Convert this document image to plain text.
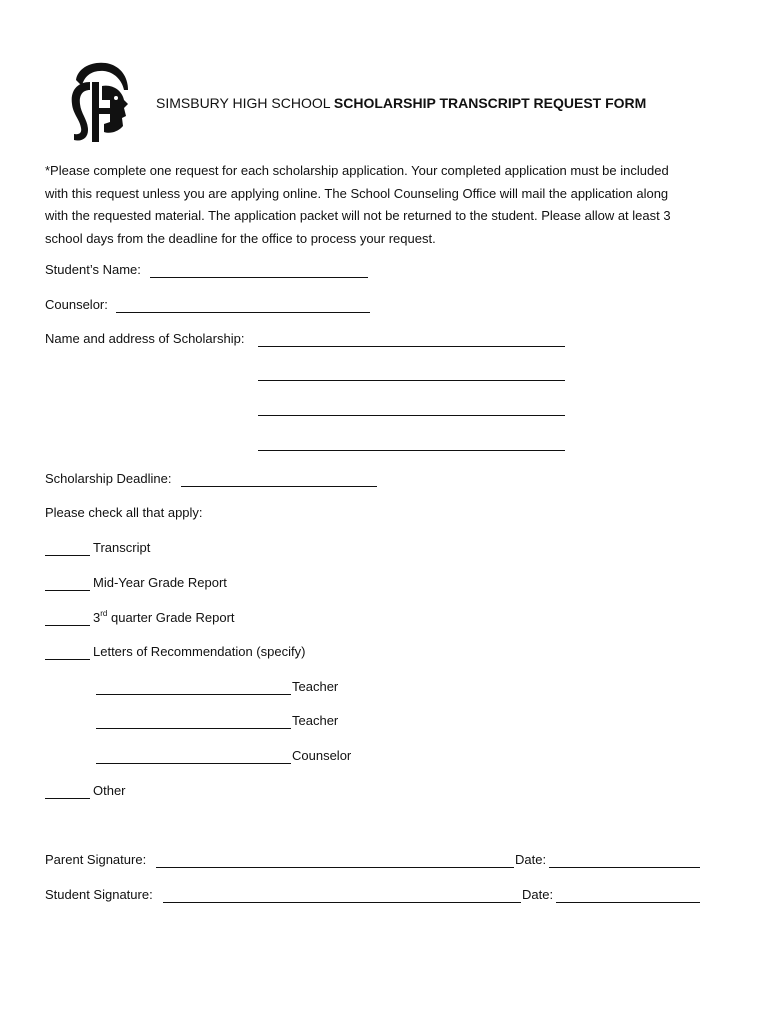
SIMSBURY HIGH SCHOOL SCHOLARSHIP TRANSCRIPT REQUEST FORM
*Please complete one request for each scholarship application. Your completed application must be included
with this request unless you are applying online. The School Counseling Office will mail the application along
with the requested material. The application packet will not be returned to the student. Please allow at least 3
school days from the deadline for the office to process your request.
Student’s Name:
Counselor:
Name and address of Scholarship:
Scholarship Deadline:
Please check all that apply:
Transcript
Mid-Year Grade Report
3rd quarter Grade Report
Letters of Recommendation (specify)
Teacher
Teacher
Counselor
Other
Parent Signature:	Date:
Student Signature:	Date:
